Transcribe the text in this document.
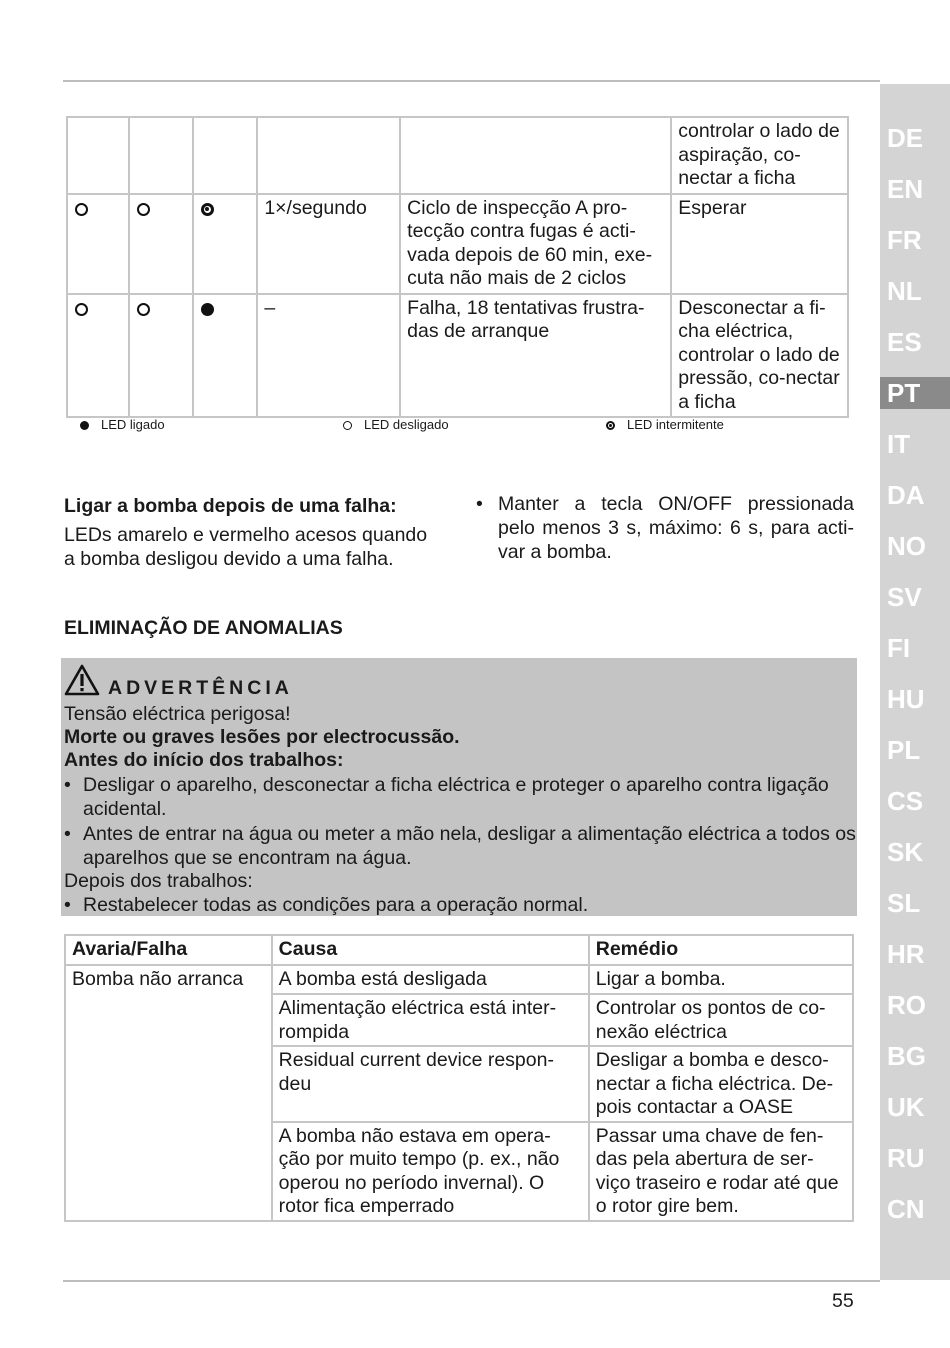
					controlar o lado de aspiração, co-nectar a ficha
			1×/segundo	Ciclo de inspecção A pro-tecção contra fugas é acti-vada depois de 60 min, exe-cuta não mais de 2 ciclos	Esperar
			–	Falha, 18 tentativas frustra-das de arranque	Desconectar a fi-cha eléctrica, controlar o lado de pressão, co-nectar a ficha
LED ligado	LED desligado	LED intermitente
Ligar a bomba depois de uma falha:
LEDs amarelo e vermelho acesos quando
a bomba desligou devido a uma falha.
• Manter a tecla ON/OFF pressionada pelo menos 3 s, máximo: 6 s, para acti-var a bomba.
ELIMINAÇÃO DE ANOMALIAS
ADVERTÊNCIA
Tensão eléctrica perigosa!
Morte ou graves lesões por electrocussão.
Antes do início dos trabalhos:
• Desligar o aparelho, desconectar a ficha eléctrica e proteger o aparelho contra ligação acidental.
• Antes de entrar na água ou meter a mão nela, desligar a alimentação eléctrica a todos os aparelhos que se encontram na água.
Depois dos trabalhos:
• Restabelecer todas as condições para a operação normal.
Avaria/Falha	Causa	Remédio
Bomba não arranca	A bomba está desligada	Ligar a bomba.
	Alimentação eléctrica está inter-rompida	Controlar os pontos de co-nexão eléctrica
	Residual current device respon-deu	Desligar a bomba e desco-nectar a ficha eléctrica. De-pois contactar a OASE
	A bomba não estava em opera-ção por muito tempo (p. ex., não operou no período invernal). O rotor fica emperrado	Passar uma chave de fen-das pela abertura de ser-viço traseiro e rodar até que o rotor gire bem.
DE
EN
FR
NL
ES
PT
IT
DA
NO
SV
FI
HU
PL
CS
SK
SL
HR
RO
BG
UK
RU
CN
55
